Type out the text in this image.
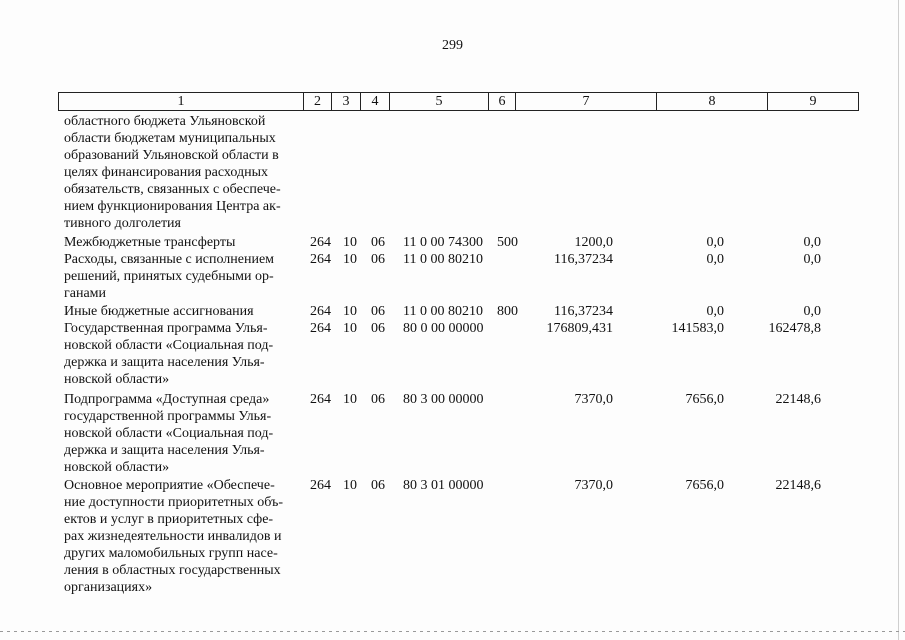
299
1	2	3	4	5	6	7	8	9
областного бюджета Ульяновской
области бюджетам муниципальных
образований Ульяновской области в
целях финансирования расходных
обязательств, связанных с обеспече-
нием функционирования Центра ак-
тивного долголетия
Межбюджетные трансферты	264 10 06 11 0 00 74300 500	1200,0	0,0	0,0
Расходы, связанные с исполнением
решений, принятых судебными ор-
ганами
264 10 06 11 0 00 80210	116,37234	0,0	0,0
Иные бюджетные ассигнования	264 10 06 11 0 00 80210 800	116,37234	0,0	0,0
Государственная программа Улья-
новской области «Социальная под-
держка и защита населения Улья-
новской области»
264 10 06 80 0 00 00000	176809,431	141583,0	162478,8
Подпрограмма «Доступная среда»
государственной программы Улья-
новской области «Социальная под-
держка и защита населения Улья-
новской области»
264 10 06 80 3 00 00000	7370,0	7656,0	22148,6
Основное мероприятие «Обеспече-
ние доступности приоритетных объ-
ектов и услуг в приоритетных сфе-
рах жизнедеятельности инвалидов и
других маломобильных групп насе-
ления в областных государственных
организациях»
264 10 06 80 3 01 00000	7370,0	7656,0	22148,6
